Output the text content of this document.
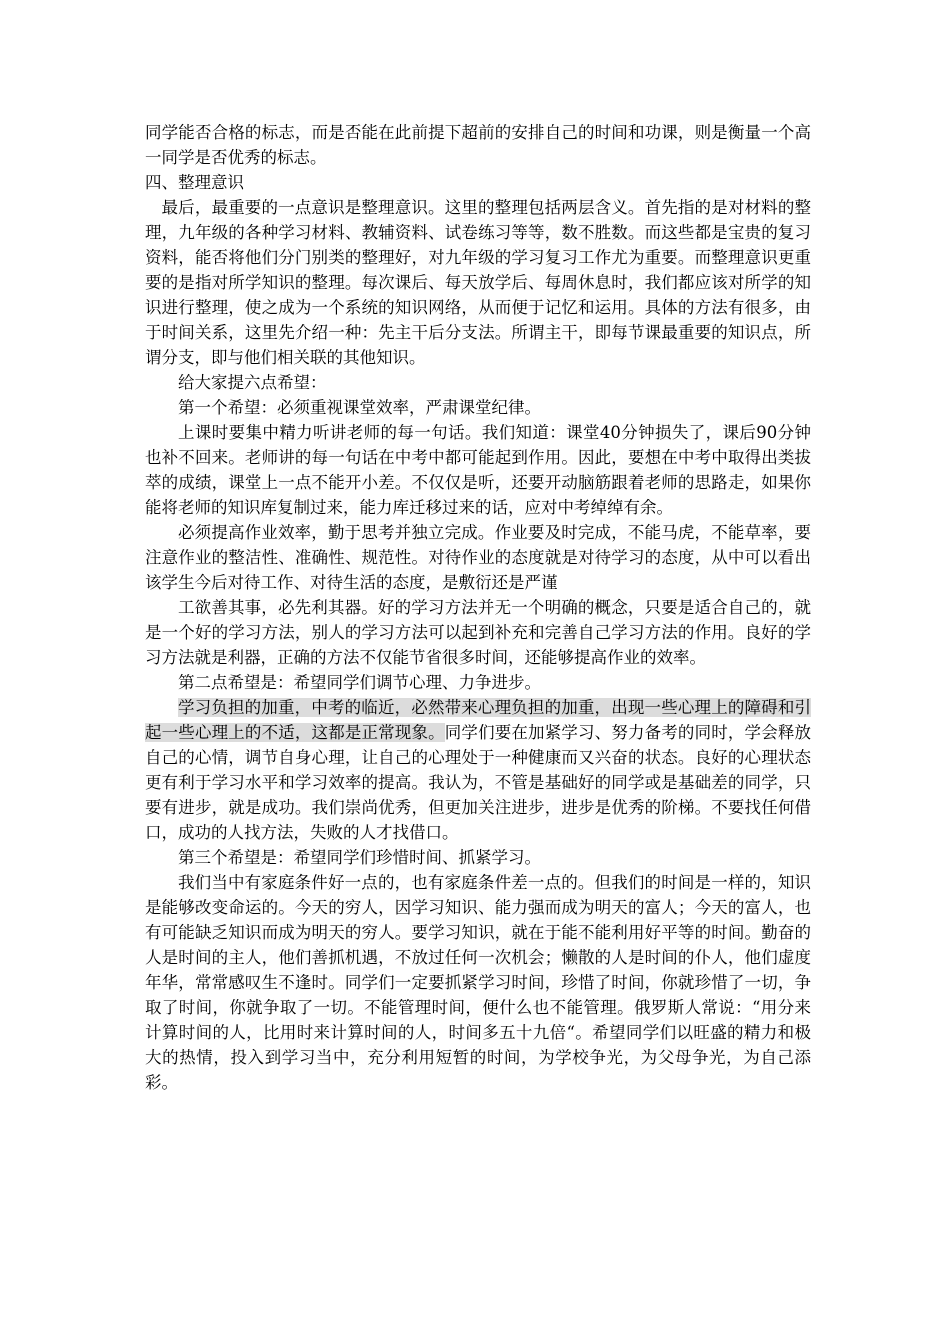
同学能否合格的标志，而是否能在此前提下超前的安排自己的时间和功课，则是衡量一个高一同学是否优秀的标志。

四、整理意识

最后，最重要的一点意识是整理意识。这里的整理包括两层含义。首先指的是对材料的整理，九年级的各种学习材料、教辅资料、试卷练习等等，数不胜数。而这些都是宝贵的复习资料，能否将他们分门别类的整理好，对九年级的学习复习工作尤为重要。而整理意识更重要的是指对所学知识的整理。每次课后、每天放学后、每周休息时，我们都应该对所学的知识进行整理，使之成为一个系统的知识网络，从而便于记忆和运用。具体的方法有很多，由于时间关系，这里先介绍一种：先主干后分支法。所谓主干，即每节课最重要的知识点，所谓分支，即与他们相关联的其他知识。

给大家提六点希望：

第一个希望：必须重视课堂效率，严肃课堂纪律。

上课时要集中精力听讲老师的每一句话。我们知道：课堂40分钟损失了，课后90分钟也补不回来。老师讲的每一句话在中考中都可能起到作用。因此，要想在中考中取得出类拔萃的成绩，课堂上一点不能开小差。不仅仅是听，还要开动脑筋跟着老师的思路走，如果你能将老师的知识库复制过来，能力库迁移过来的话，应对中考绰绰有余。

必须提高作业效率，勤于思考并独立完成。作业要及时完成，不能马虎，不能草率，要注意作业的整洁性、准确性、规范性。对待作业的态度就是对待学习的态度，从中可以看出该学生今后对待工作、对待生活的态度，是敷衍还是严谨

工欲善其事，必先利其器。好的学习方法并无一个明确的概念，只要是适合自己的，就是一个好的学习方法，别人的学习方法可以起到补充和完善自己学习方法的作用。良好的学习方法就是利器，正确的方法不仅能节省很多时间，还能够提高作业的效率。

第二点希望是：希望同学们调节心理、力争进步。

学习负担的加重，中考的临近，必然带来心理负担的加重，出现一些心理上的障碍和引起一些心理上的不适，这都是正常现象。同学们要在加紧学习、努力备考的同时，学会释放自己的心情，调节自身心理，让自己的心理处于一种健康而又兴奋的状态。良好的心理状态更有利于学习水平和学习效率的提高。我认为，不管是基础好的同学或是基础差的同学，只要有进步，就是成功。我们崇尚优秀，但更加关注进步，进步是优秀的阶梯。不要找任何借口，成功的人找方法，失败的人才找借口。

第三个希望是：希望同学们珍惜时间、抓紧学习。

我们当中有家庭条件好一点的，也有家庭条件差一点的。但我们的时间是一样的，知识是能够改变命运的。今天的穷人，因学习知识、能力强而成为明天的富人；今天的富人，也有可能缺乏知识而成为明天的穷人。要学习知识，就在于能不能利用好平等的时间。勤奋的人是时间的主人，他们善抓机遇，不放过任何一次机会；懒散的人是时间的仆人，他们虚度年华，常常感叹生不逢时。同学们一定要抓紧学习时间，珍惜了时间，你就珍惜了一切，争取了时间，你就争取了一切。不能管理时间，便什么也不能管理。俄罗斯人常说：“用分来计算时间的人，比用时来计算时间的人，时间多五十九倍“。希望同学们以旺盛的精力和极大的热情，投入到学习当中，充分利用短暂的时间，为学校争光，为父母争光，为自己添彩。
